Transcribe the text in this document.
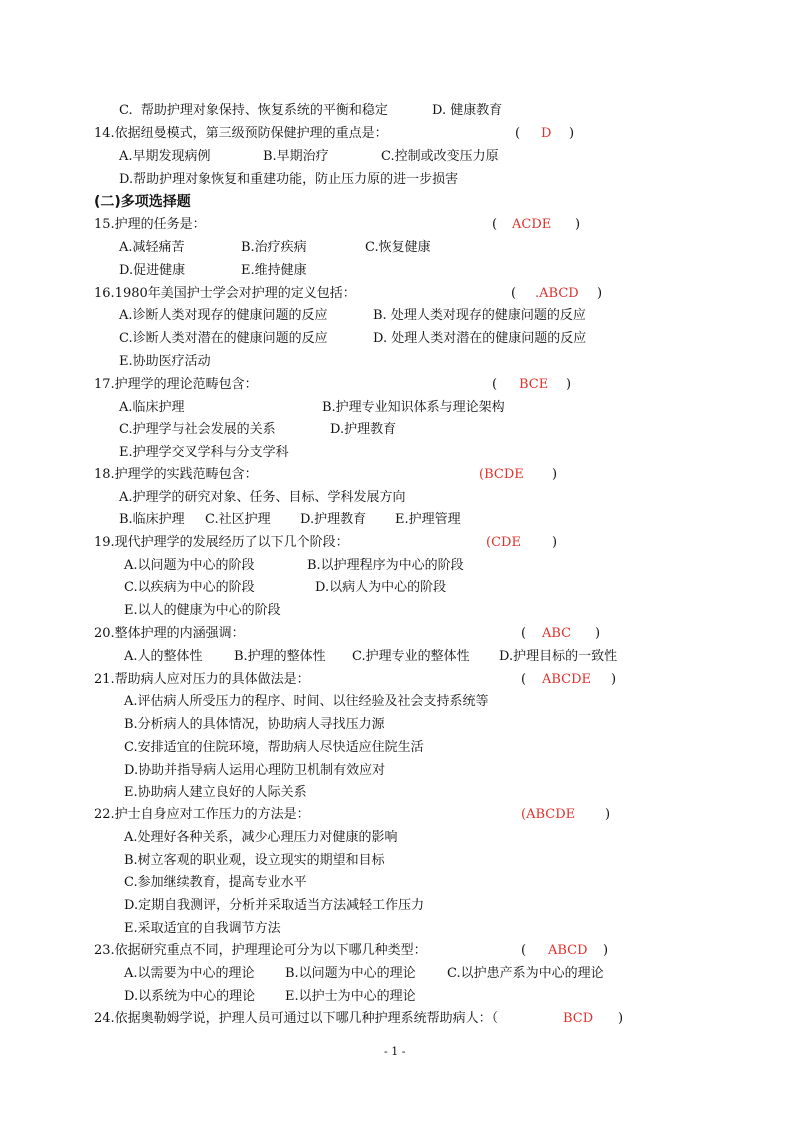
C.  帮助护理对象保持、恢复系统的平衡和稳定	D. 健康教育
14.依据纽曼模式，第三级预防保健护理的重点是：	( D )
A.早期发现病例	B.早期治疗	C.控制或改变压力原
D.帮助护理对象恢复和重建功能，防止压力原的进一步损害
(二)多项选择题
15.护理的任务是：	( ACDE )
A.减轻痛苦	B.治疗疾病	C.恢复健康
D.促进健康	E.维持健康
16.1980年美国护士学会对护理的定义包括：	( .ABCD )
A.诊断人类对现存的健康问题的反应	B. 处理人类对现存的健康问题的反应
C.诊断人类对潜在的健康问题的反应	D. 处理人类对潜在的健康问题的反应
E.协助医疗活动
17.护理学的理论范畴包含：	( BCE )
A.临床护理	B.护理专业知识体系与理论架构
C.护理学与社会发展的关系	D.护理教育
E.护理学交叉学科与分支学科
18.护理学的实践范畴包含：	(BCDE )
A.护理学的研究对象、任务、目标、学科发展方向
B.临床护理 C.社区护理 D.护理教育 E.护理管理
19.现代护理学的发展经历了以下几个阶段：	(CDE )
A.以问题为中心的阶段	B.以护理程序为中心的阶段
C.以疾病为中心的阶段	D.以病人为中心的阶段
E.以人的健康为中心的阶段
20.整体护理的内涵强调：	( ABC )
A.人的整体性 B.护理的整体性 C.护理专业的整体性 D.护理目标的一致性
21.帮助病人应对压力的具体做法是：	( ABCDE )
A.评估病人所受压力的程序、时间、以往经验及社会支持系统等
B.分析病人的具体情况，协助病人寻找压力源
C.安排适宜的住院环境，帮助病人尽快适应住院生活
D.协助并指导病人运用心理防卫机制有效应对
E.协助病人建立良好的人际关系
22.护士自身应对工作压力的方法是：	(ABCDE )
A.处理好各种关系，减少心理压力对健康的影响
B.树立客观的职业观，设立现实的期望和目标
C.参加继续教育，提高专业水平
D.定期自我测评，分析并采取适当方法减轻工作压力
E.采取适宜的自我调节方法
23.依据研究重点不同，护理理论可分为以下哪几种类型：	( ABCD )
A.以需要为中心的理论 B.以问题为中心的理论 C.以护患产系为中心的理论
D.以系统为中心的理论 E.以护士为中心的理论
24.依据奥勒姆学说，护理人员可通过以下哪几种护理系统帮助病人：（	BCD )
- 1 -
